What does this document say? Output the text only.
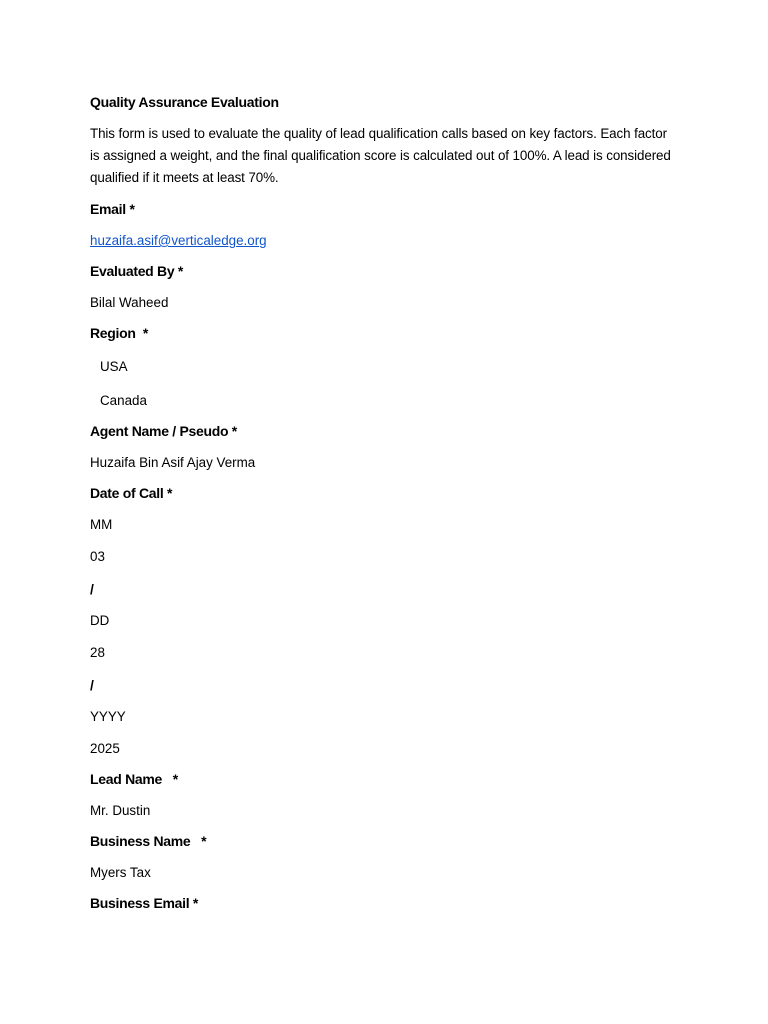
Quality Assurance Evaluation
This form is used to evaluate the quality of lead qualification calls based on key factors. Each factor is assigned a weight, and the final qualification score is calculated out of 100%. A lead is considered qualified if it meets at least 70%.
Email *
huzaifa.asif@verticaledge.org
Evaluated By *
Bilal Waheed
Region  *
USA
Canada
Agent Name / Pseudo *
Huzaifa Bin Asif Ajay Verma
Date of Call *
MM
03
/
DD
28
/
YYYY
2025
Lead Name   *
Mr. Dustin
Business Name   *
Myers Tax
Business Email *
